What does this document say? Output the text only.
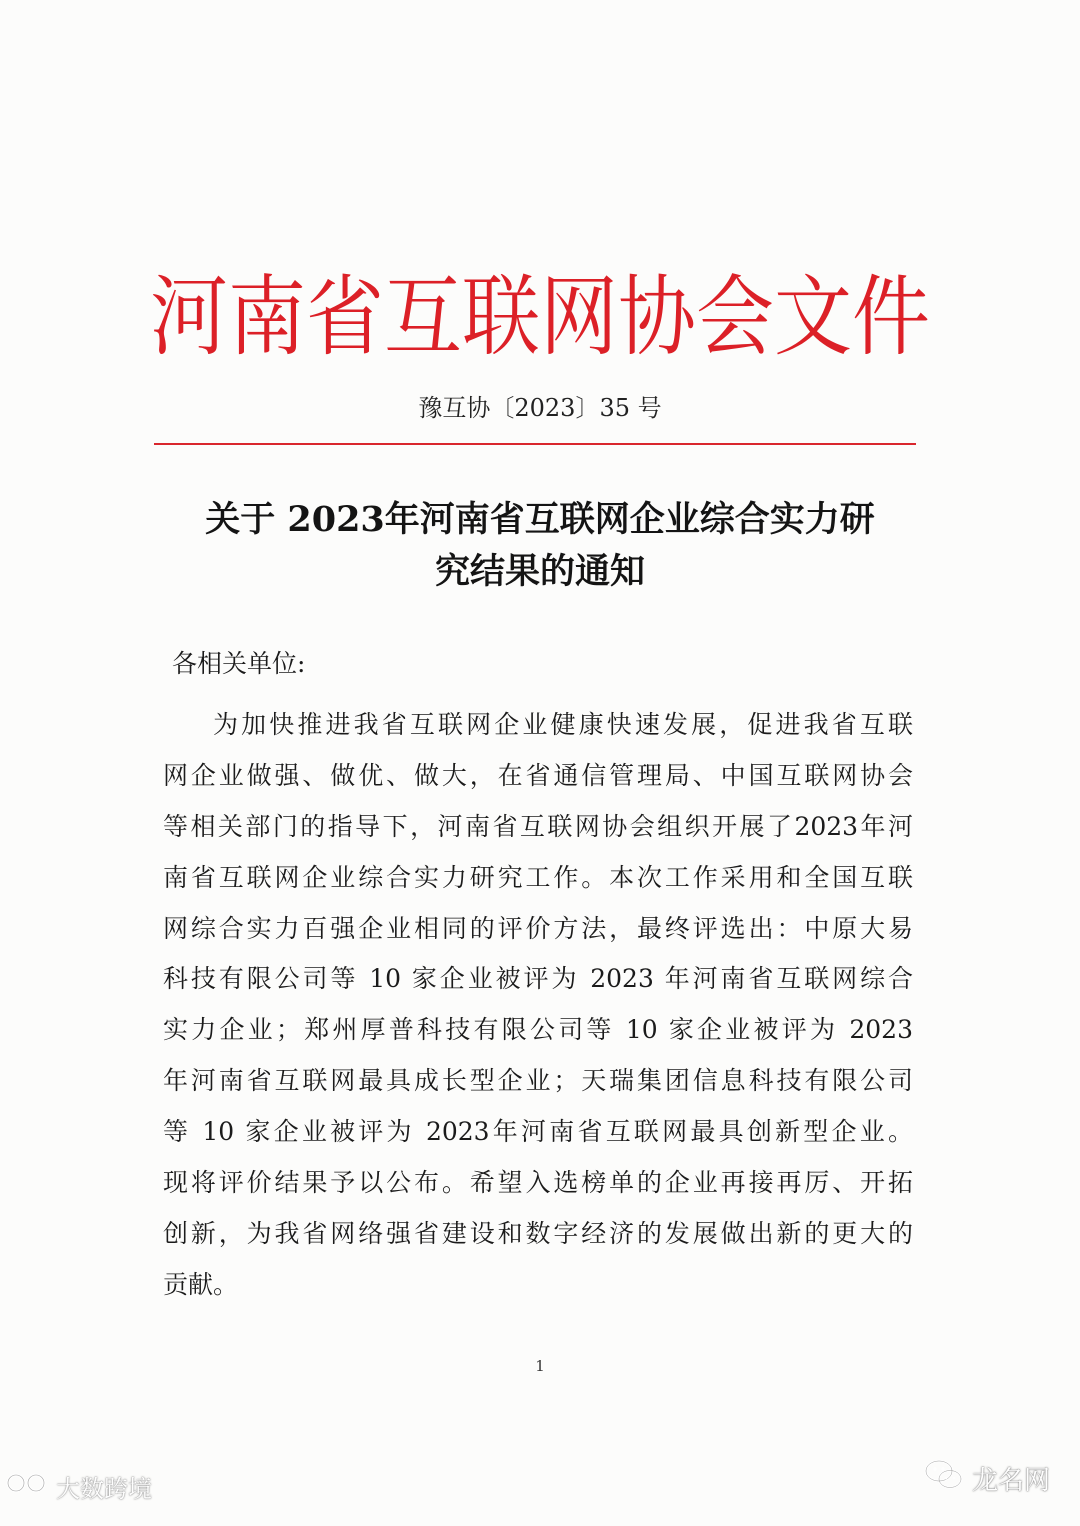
河南省互联网协会文件
豫互协〔2023〕35 号
关于 2023年河南省互联网企业综合实力研
究结果的通知
各相关单位:
为加快推进我省互联网企业健康快速发展，促进我省互联
网企业做强、做优、做大，在省通信管理局、中国互联网协会
等相关部门的指导下，河南省互联网协会组织开展了2023年河
南省互联网企业综合实力研究工作。本次工作采用和全国互联
网综合实力百强企业相同的评价方法，最终评选出：中原大易
科技有限公司等 10 家企业被评为 2023 年河南省互联网综合
实力企业；郑州厚普科技有限公司等 10 家企业被评为 2023
年河南省互联网最具成长型企业；天瑞集团信息科技有限公司
等 10 家企业被评为 2023年河南省互联网最具创新型企业。
现将评价结果予以公布。希望入选榜单的企业再接再厉、开拓
创新，为我省网络强省建设和数字经济的发展做出新的更大的
贡献。
1
大数跨境	龙名网
